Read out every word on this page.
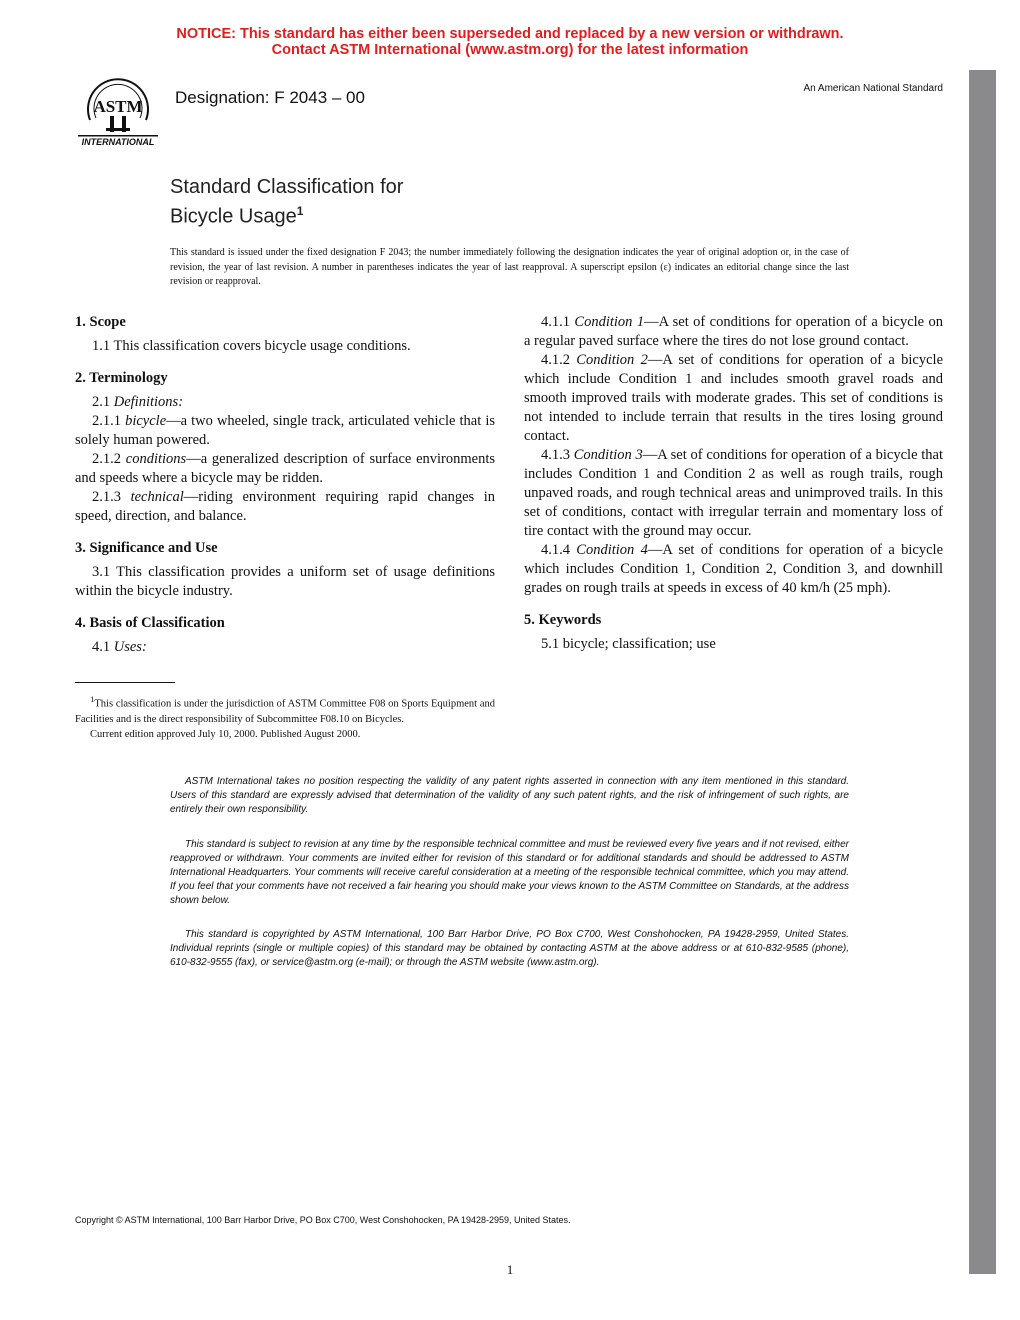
NOTICE: This standard has either been superseded and replaced by a new version or withdrawn.
Contact ASTM International (www.astm.org) for the latest information
ASTM
INTERNATIONAL
Designation: F 2043 – 00	An American National Standard
Standard Classification for
Bicycle Usage$^1$
This standard is issued under the fixed designation F 2043; the number immediately following the designation indicates the year of original adoption or, in the case of revision, the year of last revision. A number in parentheses indicates the year of last reapproval. A superscript epsilon (ε) indicates an editorial change since the last revision or reapproval.
1. Scope

1.1 This classification covers bicycle usage conditions.

2. Terminology

2.1 Definitions:

2.1.1 bicycle—a two wheeled, single track, articulated vehicle that is solely human powered.

2.1.2 conditions—a generalized description of surface environments and speeds where a bicycle may be ridden.

2.1.3 technical—riding environment requiring rapid changes in speed, direction, and balance.

3. Significance and Use

3.1 This classification provides a uniform set of usage definitions within the bicycle industry.

4. Basis of Classification

4.1 Uses:

4.1.1 Condition 1—A set of conditions for operation of a bicycle on a regular paved surface where the tires do not lose ground contact.

4.1.2 Condition 2—A set of conditions for operation of a bicycle which include Condition 1 and includes smooth gravel roads and smooth improved trails with moderate grades. This set of conditions is not intended to include terrain that results in the tires losing ground contact.

4.1.3 Condition 3—A set of conditions for operation of a bicycle that includes Condition 1 and Condition 2 as well as rough trails, rough unpaved roads, and rough technical areas and unimproved trails. In this set of conditions, contact with irregular terrain and momentary loss of tire contact with the ground may occur.

4.1.4 Condition 4—A set of conditions for operation of a bicycle which includes Condition 1, Condition 2, Condition 3, and downhill grades on rough trails at speeds in excess of 40 km/h (25 mph).

5. Keywords

5.1 bicycle; classification; use

$^1$This classification is under the jurisdiction of ASTM Committee F08 on Sports Equipment and Facilities and is the direct responsibility of Subcommittee F08.10 on Bicycles.

Current edition approved July 10, 2000. Published August 2000.

ASTM International takes no position respecting the validity of any patent rights asserted in connection with any item mentioned in this standard. Users of this standard are expressly advised that determination of the validity of any such patent rights, and the risk of infringement of such rights, are entirely their own responsibility.

This standard is subject to revision at any time by the responsible technical committee and must be reviewed every five years and if not revised, either reapproved or withdrawn. Your comments are invited either for revision of this standard or for additional standards and should be addressed to ASTM International Headquarters. Your comments will receive careful consideration at a meeting of the responsible technical committee, which you may attend. If you feel that your comments have not received a fair hearing you should make your views known to the ASTM Committee on Standards, at the address shown below.

This standard is copyrighted by ASTM International, 100 Barr Harbor Drive, PO Box C700, West Conshohocken, PA 19428-2959, United States. Individual reprints (single or multiple copies) of this standard may be obtained by contacting ASTM at the above address or at 610-832-9585 (phone), 610-832-9555 (fax), or service@astm.org (e-mail); or through the ASTM website (www.astm.org).

Copyright © ASTM International, 100 Barr Harbor Drive, PO Box C700, West Conshohocken, PA 19428-2959, United States.
1
